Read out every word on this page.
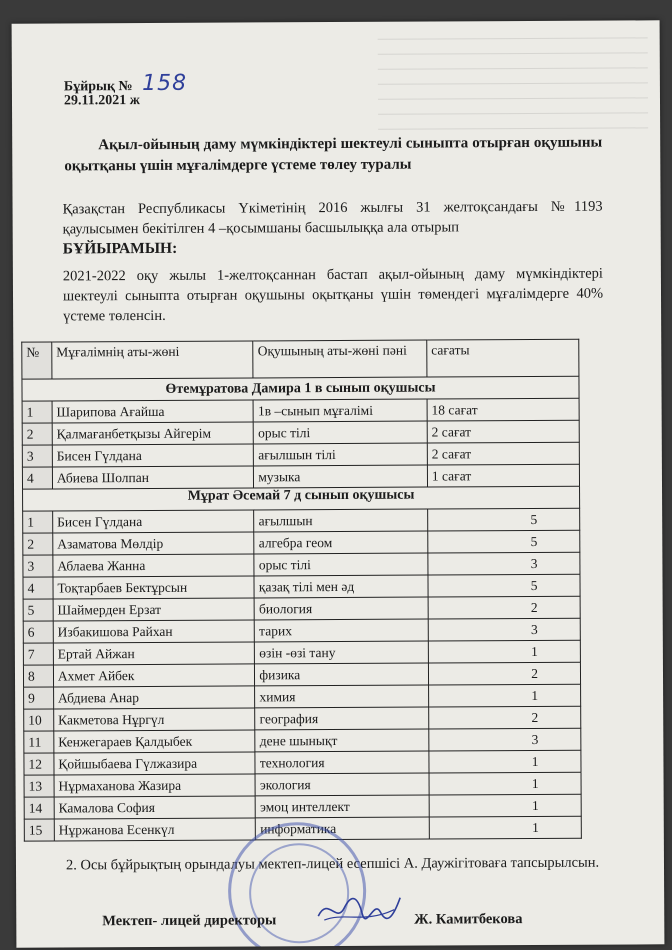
Бұйрық № 158
29.11.2021 ж
Ақыл-ойының даму мүмкіндіктері шектеулі сыныпта отырған оқушыны оқытқаны үшін мұғалімдерге үстеме төлеу туралы
Қазақстан Республикасы Үкіметінің 2016 жылғы 31 желтоқсандағы №1193 қаулысымен бекітілген 4 –қосымшаны басшылыққа ала отырып
БҰЙЫРАМЫН:
2021-2022 оқу жылы 1-желтоқсаннан бастап ақыл-ойының даму мүмкіндіктері шектеулі сыныпта отырған оқушыны оқытқаны үшін төмендегі мұғалімдерге 40% үстеме төленсін.
№	Мұғалімнің аты-жөні	Оқушының аты-жөні пәні	сағаты
Өтемұратова Дамира 1 в сынып оқушысы			
1	Шарипова Ағайша	1в –сынып мұғалімі	18 сағат
2	Қалмағанбетқызы Айгерім	орыс тілі	2 сағат
3	Бисен Гүлдана	ағылшын тілі	2 сағат
4	Абиева Шолпан	музыка	1 сағат
Мұрат Әсемай 7 д сынып оқушысы			
1	Бисен Гүлдана	ағылшын	5
2	Азаматова Мөлдір	алгебра геом	5
3	Аблаева Жанна	орыс тілі	3
4	Тоқтарбаев Бектұрсын	қазақ тілі мен әд	5
5	Шаймерден Ерзат	биология	2
6	Избакишова Райхан	тарих	3
7	Ертай Айжан	өзін -өзі тану	1
8	Ахмет Айбек	физика	2
9	Абдиева Анар	химия	1
10	Какметова Нұргүл	география	2
11	Кенжегараев Қалдыбек	дене шынықт	3
12	Қойшыбаева Гүлжазира	технология	1
13	Нұрмаханова Жазира	экология	1
14	Камалова София	эмоц интеллект	1
15	Нұржанова Есенкүл	информатика	1
2. Осы бұйрықтың орындалуы мектеп-лицей есепшісі А. Даужігітоваға тапсырылсын.
Мектеп- лицей директоры	Ж. Камитбекова
